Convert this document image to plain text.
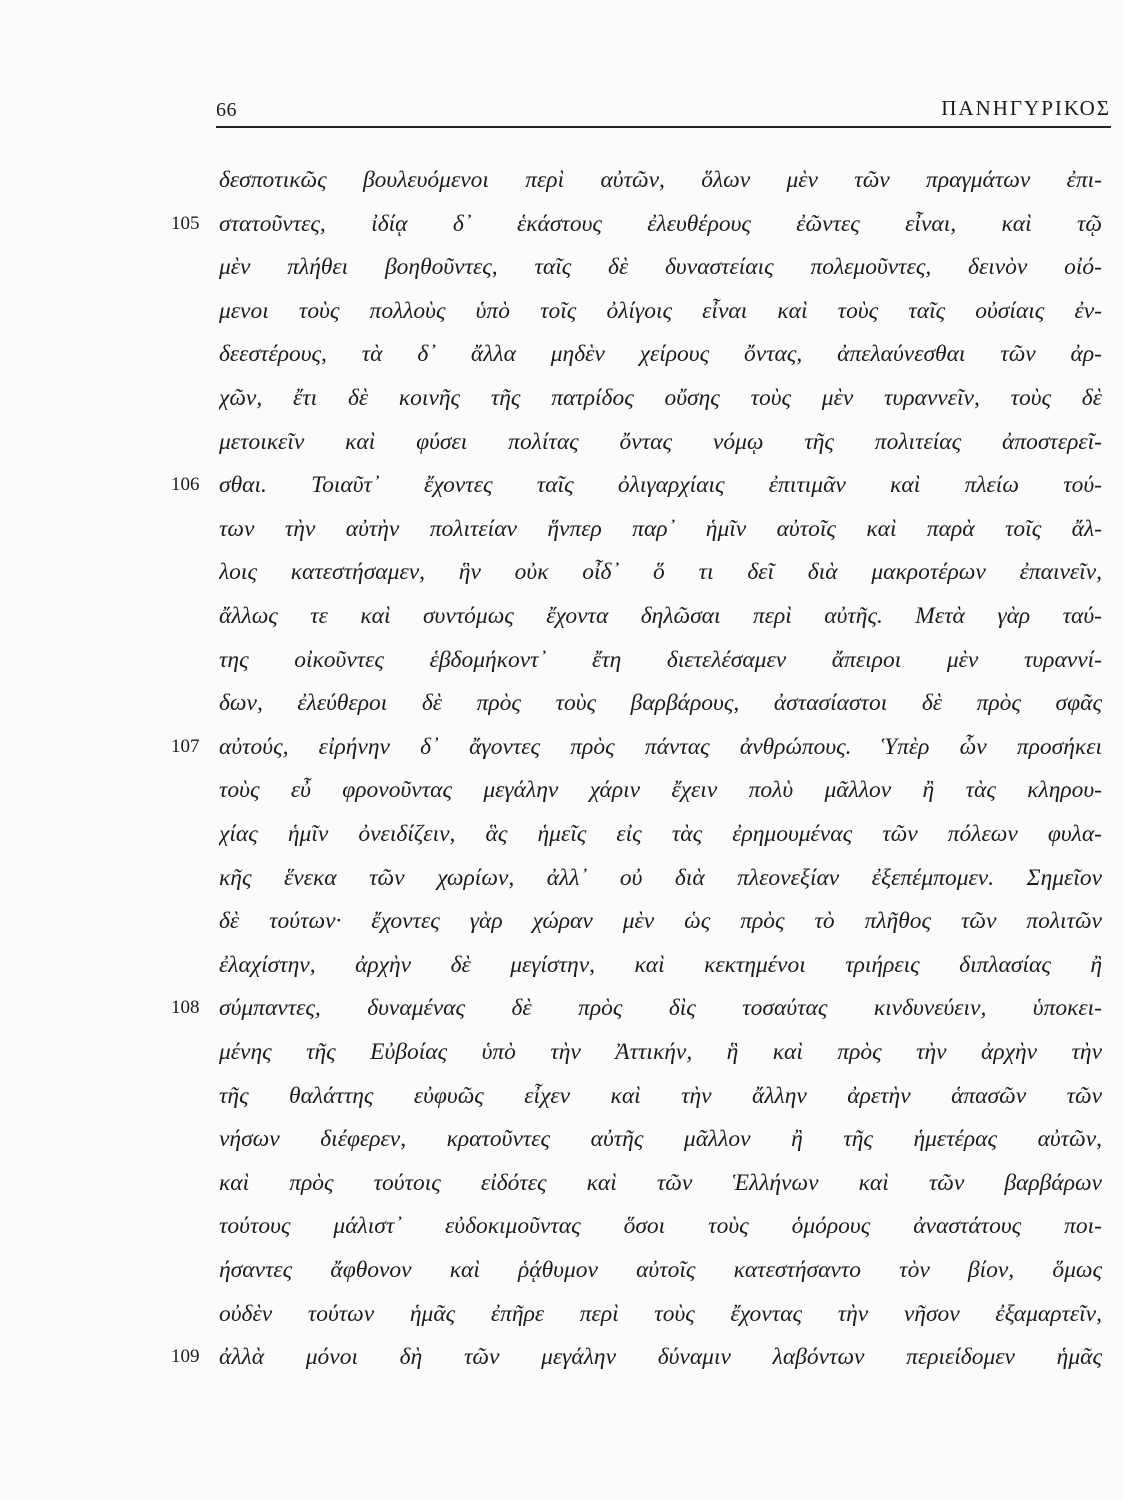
66	ΠΑΝΗΓΥΡΙΚΟΣ
δεσποτικῶς βουλευόμενοι περὶ αὐτῶν, ὅλων μὲν τῶν πραγμάτων ἐπι-
105 στατοῦντες, ἰδίᾳ δ᾽ ἑκάστους ἐλευθέρους ἐῶντες εἶναι, καὶ τῷ
μὲν πλήθει βοηθοῦντες, ταῖς δὲ δυναστείαις πολεμοῦντες, δεινὸν οἰό-
μενοι τοὺς πολλοὺς ὑπὸ τοῖς ὀλίγοις εἶναι καὶ τοὺς ταῖς οὐσίαις ἐν-
δεεστέρους, τὰ δ᾽ ἄλλα μηδὲν χείρους ὄντας, ἀπελαύνεσθαι τῶν ἀρ-
χῶν, ἔτι δὲ κοινῆς τῆς πατρίδος οὔσης τοὺς μὲν τυραννεῖν, τοὺς δὲ
μετοικεῖν καὶ φύσει πολίτας ὄντας νόμῳ τῆς πολιτείας ἀποστερεῖ-
106 σθαι. Τοιαῦτ᾽ ἔχοντες ταῖς ὀλιγαρχίαις ἐπιτιμᾶν καὶ πλείω τού-
των τὴν αὐτὴν πολιτείαν ἥνπερ παρ᾽ ἡμῖν αὐτοῖς καὶ παρὰ τοῖς ἄλ-
λοις κατεστήσαμεν, ἣν οὐκ οἶδ᾽ ὅ τι δεῖ διὰ μακροτέρων ἐπαινεῖν,
ἄλλως τε καὶ συντόμως ἔχοντα δηλῶσαι περὶ αὐτῆς. Μετὰ γὰρ ταύ-
της οἰκοῦντες ἑβδομήκοντ᾽ ἔτη διετελέσαμεν ἄπειροι μὲν τυραννί-
δων, ἐλεύθεροι δὲ πρὸς τοὺς βαρβάρους, ἀστασίαστοι δὲ πρὸς σφᾶς
107 αὐτούς, εἰρήνην δ᾽ ἄγοντες πρὸς πάντας ἀνθρώπους. Ὑπὲρ ὧν προσήκει
τοὺς εὖ φρονοῦντας μεγάλην χάριν ἔχειν πολὺ μᾶλλον ἢ τὰς κληρου-
χίας ἡμῖν ὀνειδίζειν, ἃς ἡμεῖς εἰς τὰς ἐρημουμένας τῶν πόλεων φυλα-
κῆς ἕνεκα τῶν χωρίων, ἀλλ᾽ οὐ διὰ πλεονεξίαν ἐξεπέμπομεν. Σημεῖον
δὲ τούτων· ἔχοντες γὰρ χώραν μὲν ὡς πρὸς τὸ πλῆθος τῶν πολιτῶν
ἐλαχίστην, ἀρχὴν δὲ μεγίστην, καὶ κεκτημένοι τριήρεις διπλασίας ἢ
108 σύμπαντες, δυναμένας δὲ πρὸς δὶς τοσαύτας κινδυνεύειν, ὑποκει-
μένης τῆς Εὐβοίας ὑπὸ τὴν Ἀττικήν, ἣ καὶ πρὸς τὴν ἀρχὴν τὴν
τῆς θαλάττης εὐφυῶς εἶχεν καὶ τὴν ἄλλην ἀρετὴν ἁπασῶν τῶν
νήσων διέφερεν, κρατοῦντες αὐτῆς μᾶλλον ἢ τῆς ἡμετέρας αὐτῶν,
καὶ πρὸς τούτοις εἰδότες καὶ τῶν Ἑλλήνων καὶ τῶν βαρβάρων
τούτους μάλιστ᾽ εὐδοκιμοῦντας ὅσοι τοὺς ὁμόρους ἀναστάτους ποι-
ήσαντες ἄφθονον καὶ ῥᾴθυμον αὐτοῖς κατεστήσαντο τὸν βίον, ὅμως
οὐδὲν τούτων ἡμᾶς ἐπῆρε περὶ τοὺς ἔχοντας τὴν νῆσον ἐξαμαρτεῖν,
109 ἀλλὰ μόνοι δὴ τῶν μεγάλην δύναμιν λαβόντων περιείδομεν ἡμᾶς
